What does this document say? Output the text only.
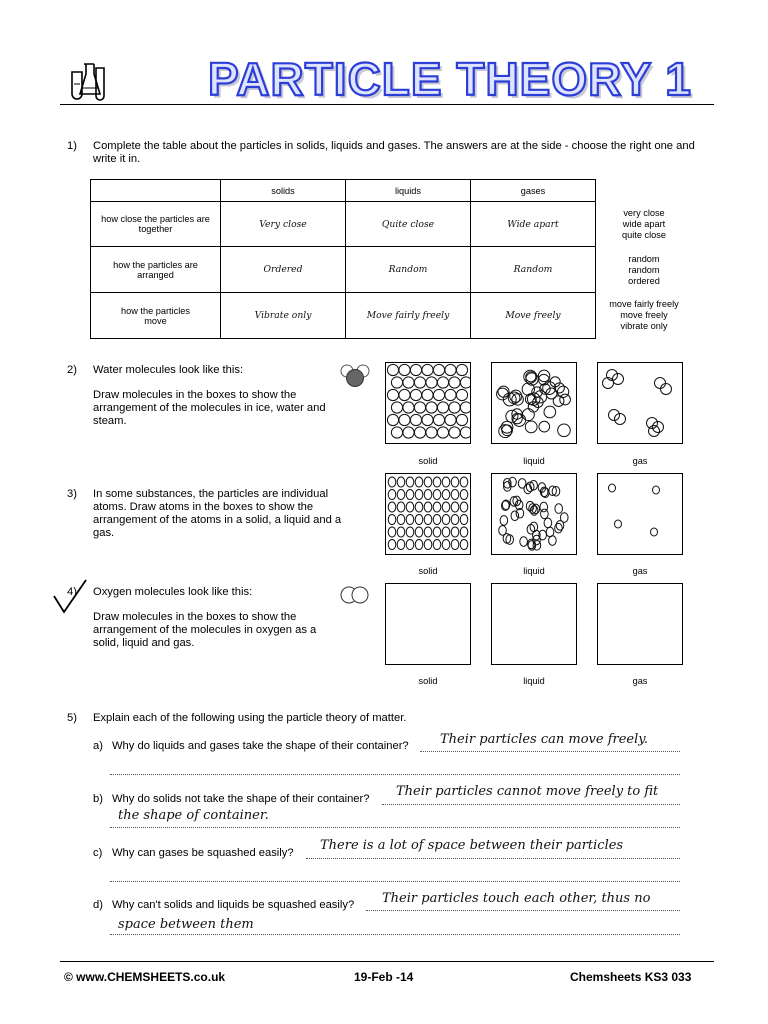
PARTICLE THEORY 1
1) Complete the table about the particles in solids, liquids and gases. The answers are at the side - choose the right one and write it in.
	solids	liquids	gases
how close the particles are together	Very close	Quite close	Wide apart
how the particles are arranged	Ordered	Random	Random
how the particles move	Vibrate only	Move fairly freely	Move freely
very close
wide apart
quite close
random
random
ordered
move fairly freely
move freely
vibrate only
2) Water molecules look like this:
Draw molecules in the boxes to show the arrangement of the molecules in ice, water and steam.
solid	liquid	gas
3) In some substances, the particles are individual atoms. Draw atoms in the boxes to show the arrangement of the atoms in a solid, a liquid and a gas.
solid	liquid	gas
4) Oxygen molecules look like this:
Draw molecules in the boxes to show the arrangement of the molecules in oxygen as a solid, liquid and gas.
solid	liquid	gas
5) Explain each of the following using the particle theory of matter.
a) Why do liquids and gases take the shape of their container? Their particles can move freely.
b) Why do solids not take the shape of their container? Their particles cannot move freely to fit
the shape of container.
c) Why can gases be squashed easily? There is a lot of space between their particles
d) Why can't solids and liquids be squashed easily? Their particles touch each other, thus no
space between them
© www.CHEMSHEETS.co.uk	19-Feb -14	Chemsheets KS3 033
